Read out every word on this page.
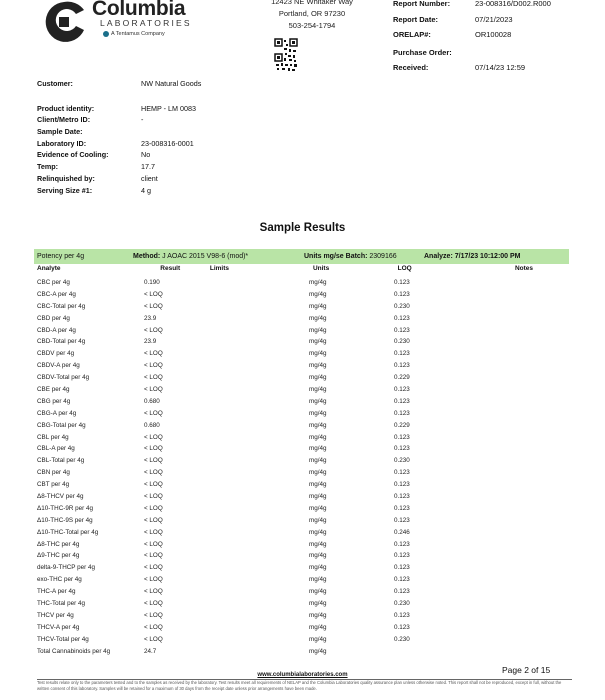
Columbia
LABORATORIES
A Tentamus Company
12423 NE Whitaker Way
Portland, OR 97230
503-254-1794
Report Number:	23-008316/D002.R000
Report Date:	07/21/2023
ORELAP#:	OR100028
Purchase Order:
Received:	07/14/23 12:59
Customer:	NW Natural Goods
Product identity:	HEMP - LM 0083
Client/Metro ID:	-
Sample Date:
Laboratory ID:	23-008316-0001
Evidence of Cooling:	No
Temp:	17.7
Relinquished by:	client
Serving Size #1:	4 g
Sample Results
Potency per 4g	Method: J AOAC 2015 V98-6 (mod)*	Units mg/se Batch: 2309166	Analyze: 7/17/23 10:12:00 PM
Analyte	Result	Limits	Units	LOQ	Notes
CBC per 4g	0.190	mg/4g	0.123
CBC-A per 4g	< LOQ	mg/4g	0.123
CBC-Total per 4g	< LOQ	mg/4g	0.230
CBD per 4g	23.9	mg/4g	0.123
CBD-A per 4g	< LOQ	mg/4g	0.123
CBD-Total per 4g	23.9	mg/4g	0.230
CBDV per 4g	< LOQ	mg/4g	0.123
CBDV-A per 4g	< LOQ	mg/4g	0.123
CBDV-Total per 4g	< LOQ	mg/4g	0.229
CBE per 4g	< LOQ	mg/4g	0.123
CBG per 4g	0.680	mg/4g	0.123
CBG-A per 4g	< LOQ	mg/4g	0.123
CBG-Total per 4g	0.680	mg/4g	0.229
CBL per 4g	< LOQ	mg/4g	0.123
CBL-A per 4g	< LOQ	mg/4g	0.123
CBL-Total per 4g	< LOQ	mg/4g	0.230
CBN per 4g	< LOQ	mg/4g	0.123
CBT per 4g	< LOQ	mg/4g	0.123
Δ8-THCV per 4g	< LOQ	mg/4g	0.123
Δ10-THC-9R per 4g	< LOQ	mg/4g	0.123
Δ10-THC-9S per 4g	< LOQ	mg/4g	0.123
Δ10-THC-Total per 4g	< LOQ	mg/4g	0.246
Δ8-THC per 4g	< LOQ	mg/4g	0.123
Δ9-THC per 4g	< LOQ	mg/4g	0.123
delta-9-THCP per 4g	< LOQ	mg/4g	0.123
exo-THC per 4g	< LOQ	mg/4g	0.123
THC-A per 4g	< LOQ	mg/4g	0.123
THC-Total per 4g	< LOQ	mg/4g	0.230
THCV per 4g	< LOQ	mg/4g	0.123
THCV-A per 4g	< LOQ	mg/4g	0.123
THCV-Total per 4g	< LOQ	mg/4g	0.230
Total Cannabinoids per 4g	24.7	mg/4g
Page 2 of 15
www.columbialaboratories.com
Test results relate only to the parameters tested and to the samples as received by the laboratory. Test results meet all requirements of NELAP and the Columbia Laboratories quality assurance plan unless otherwise noted. This report shall not be reproduced, except in full, without the written consent of this laboratory. Samples will be retained for a maximum of 30 days from the receipt date unless prior arrangements have been made.
